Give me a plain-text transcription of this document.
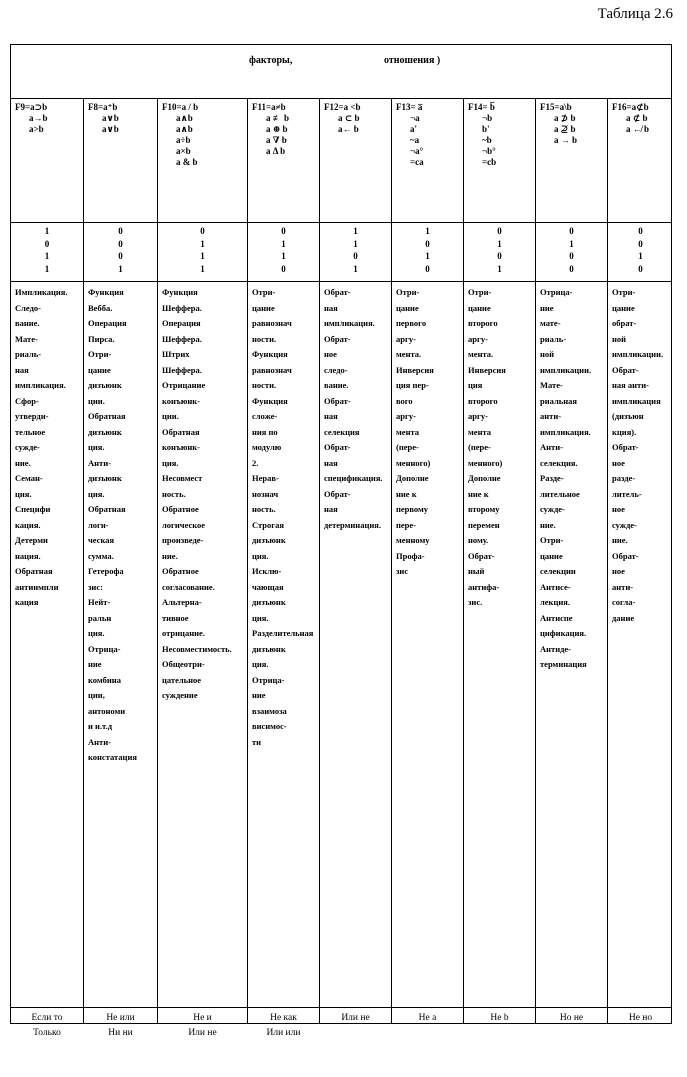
Таблица 2.6
факторы,	отношения )
F9=a⊃b
a→b
a>b
1
0
1
1
Импликация.
Следо-
вание.
Мате-
риаль-
ная
импликация.
Сфор-
утверди-
тельное
сужде-
ние.
Семан-
ция.
Специфи
кация.
Детерми
нация.
Обратная
антиимпли
кация
Если то
Только
F8=a⁺b
a∨b
a∨b
0
0
0
1
Функция
Вебба.
Операция
Пирса.
Отри-
цание
дизъюнк
ции.
Обратная
дизъюнк
ция.
Анти-
дизъюнк
ция.
Обратная
логи-
ческая
сумма.
Гетерофа
зис:
Нейт-
ральн
ция.
Отрица-
ние
комбина
ции,
антономи
и и.т.д
Анти-
констатация
Не или
Ни ни
F10=a / b
a∧b
a∧b
a÷b
a×b
a & b
0
1
1
1
Функция
Шеффера.
Операция
Шеффера.
Штрих
Шеффера.
Отрицание
конъюнк-
ции.
Обратная
конъюнк-
ция.
Несовмест
ность.
Обратное
логическое
произведе-
ние.
Обратное
согласование.
Альтерна-
тивное
отрицание.
Несовместимость.
Общеотри-
цательное
суждение
Не и
Или не
F11=a≠b
a ≢ b
a ⊕ b
a ∇ b
a Δ b
0
1
1
0
Отри-
цание
равнознач
ности.
Функция
равнознач
ности.
Функция
сложе-
ния по
модулю
2.
Нерав-
нознач
ность.
Строгая
дизъюнк
ция.
Исклю-
чающая
дизъюнк
ция.
Разделительная
дизъюнк
ция.
Отрица-
ние
взаимоза
висимос-
ти
Не как
Или или
F12=a <b
a ⊂ b
a← b
1
1
0
1
Обрат-
ная
импликация.
Обрат-
ное
следо-
вание.
Обрат-
ная
селекция
Обрат-
ная
спецификация.
Обрат-
ная
детерминация.
Или не
F13= a̅
¬a
a'
~a
¬a°
=ca
1
0
1
0
Отри-
цание
первого
аргу-
мента.
Инверсия
ция пер-
вого
аргу-
мента
(пере-
менного)
Дополне
ние к
первому
пере-
менному
Профа-
зис
Не a
F14= b̅
¬b
b'
~b
¬b°
=cb
0
1
0
1
Отри-
цание
второго
аргу-
мента.
Инверсия
ция
второго
аргу-
мента
(пере-
менного)
Дополне
ние к
второму
перемен
ному.
Обрат-
ный
антифа-
зис.
Не b
F15=a\b
a ⊅ b
a ⊉ b
a → b
0
1
0
0
Отрица-
ние
мате-
риаль-
ной
импликации.
Мате-
риальная
анти-
импликация.
Анти-
селекция.
Разде-
лительное
сужде-
ние.
Отри-
цание
селекции
Антисе-
лекция.
Антиспе
цификация.
Антиде-
терминация
Но не
F16=a⊄b
a ⊄ b
a ↚ b
0
0
1
0
Отри-
цание
обрат-
ной
импликации.
Обрат-
ная анти-
импликация
(дизъюн
кция).
Обрат-
ное
разде-
литель-
ное
сужде-
ние.
Обрат-
ное
анти-
согла-
дание
Не но
